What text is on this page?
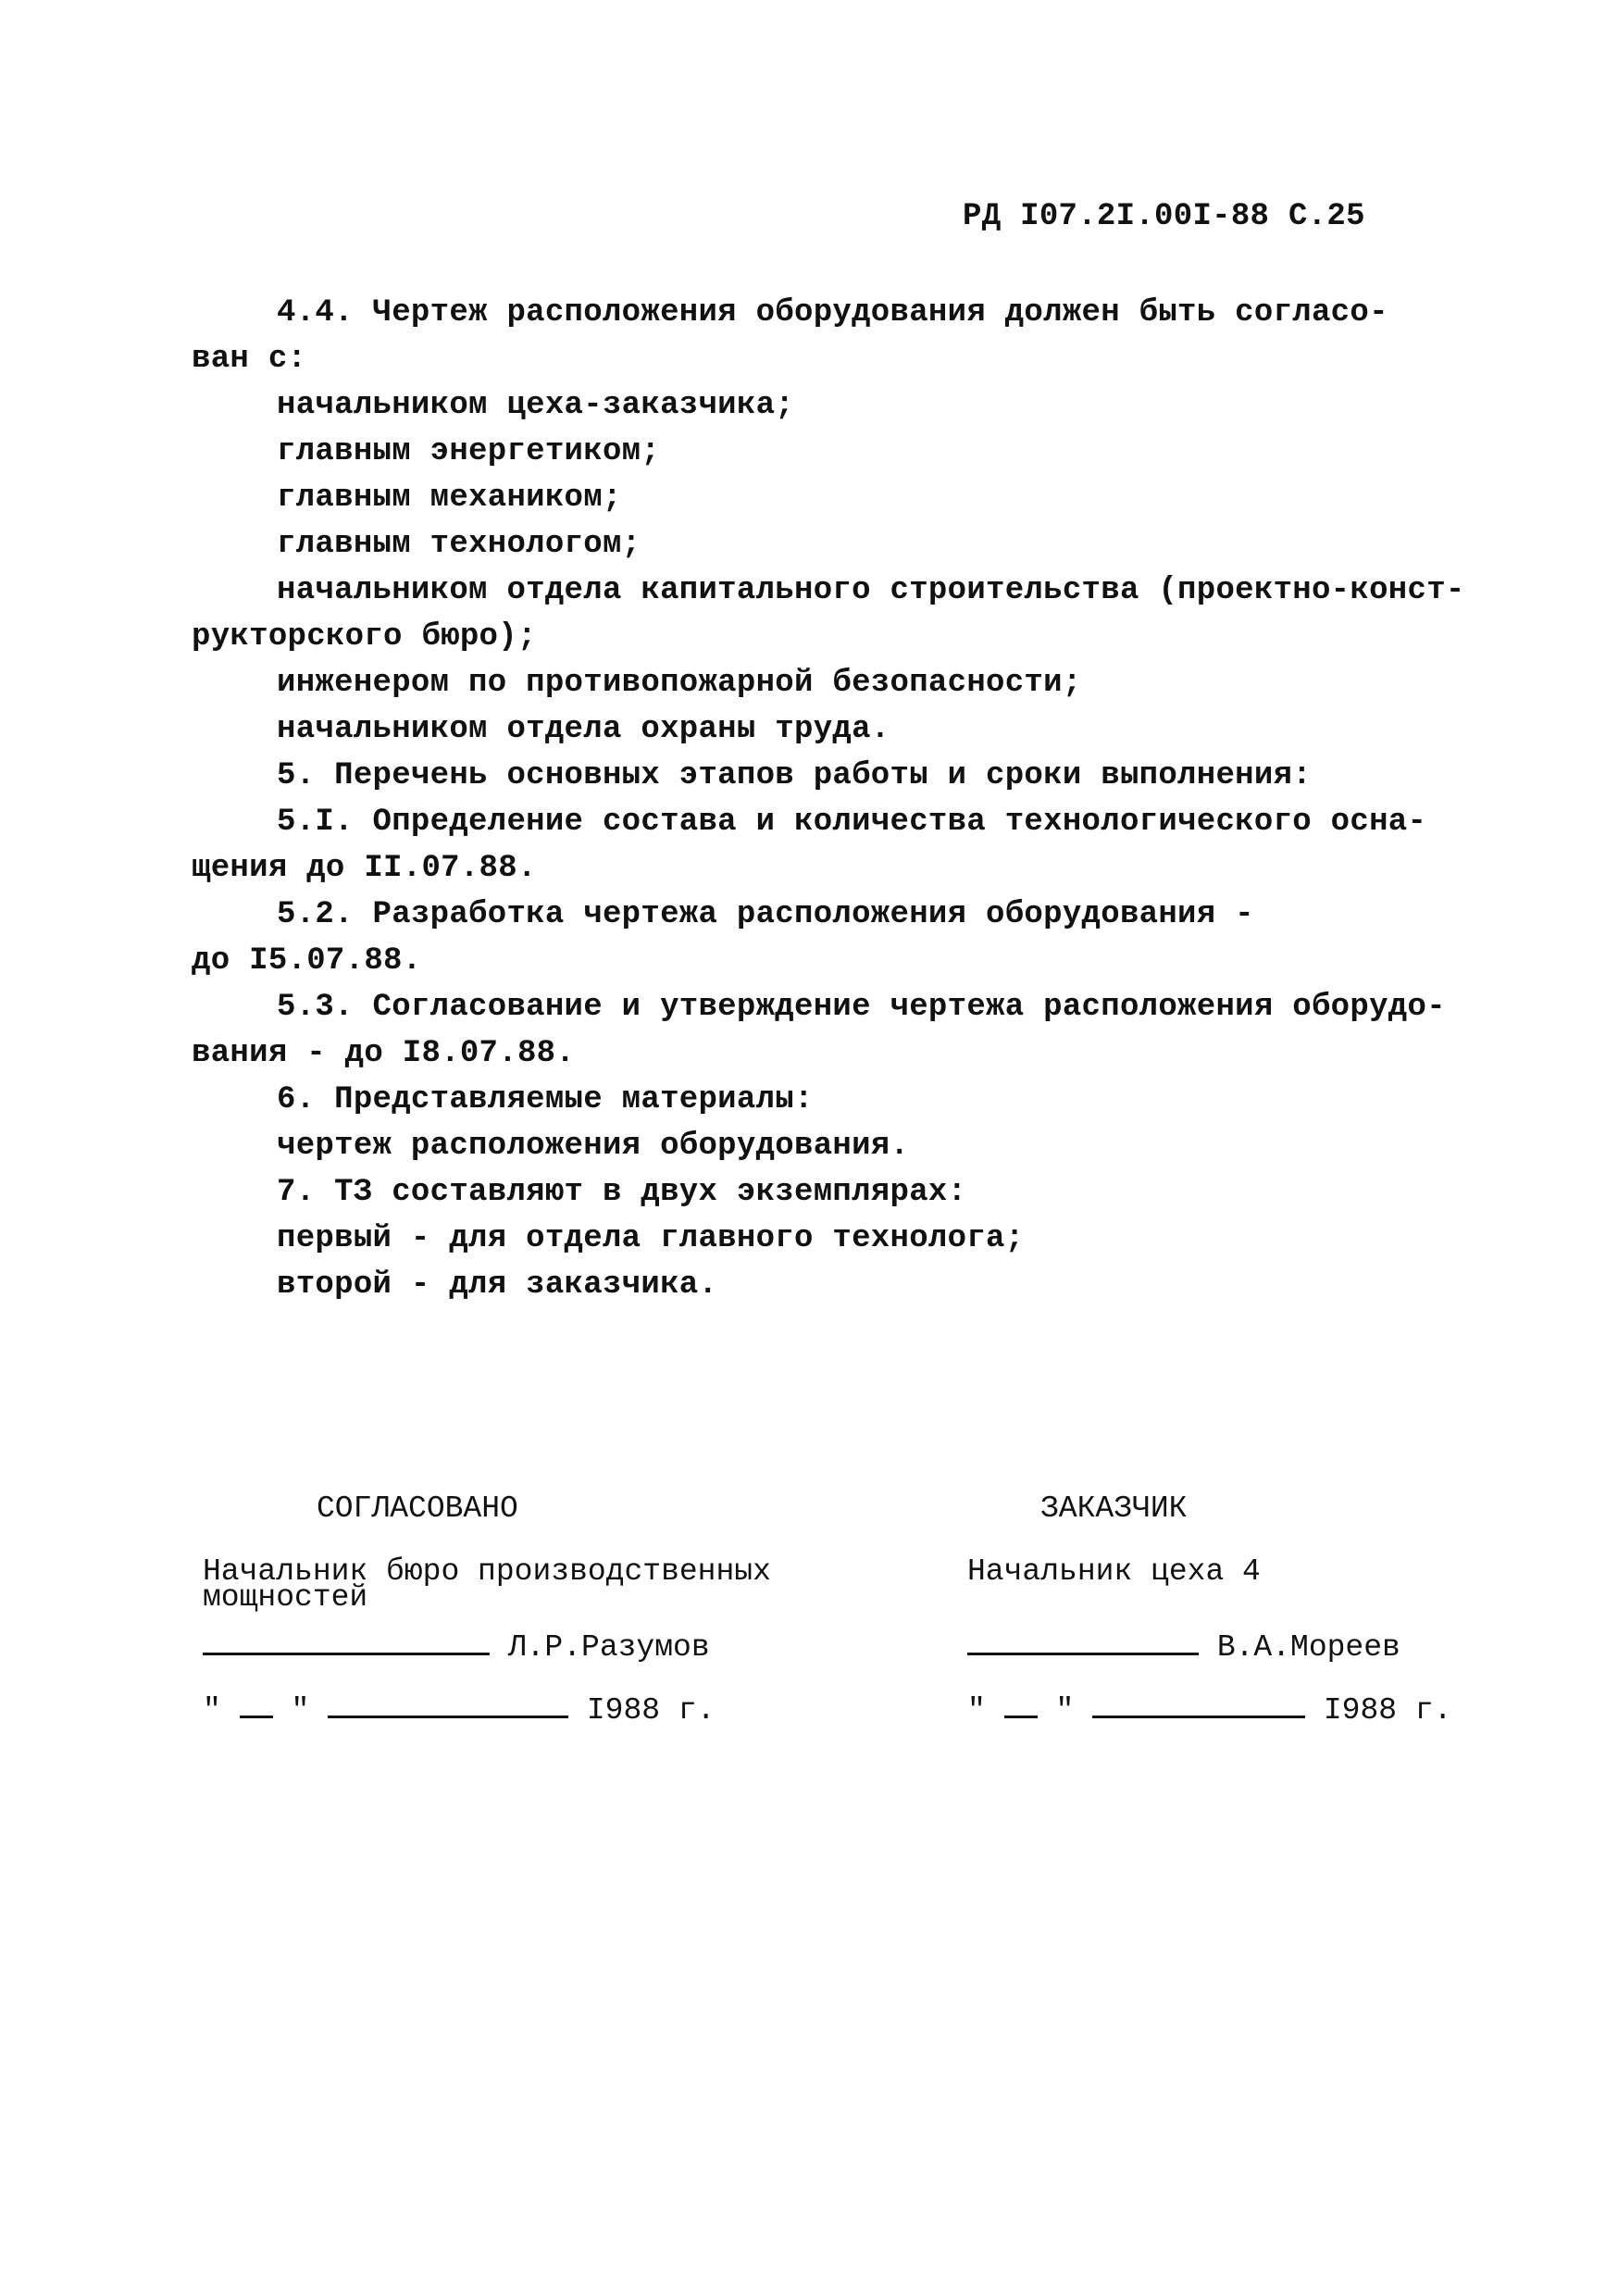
РД I07.2I.00I-88 С.25
4.4. Чертеж расположения оборудования должен быть согласо-
ван с:
начальником цеха-заказчика;
главным энергетиком;
главным механиком;
главным технологом;
начальником отдела капитального строительства (проектно-конст-
рукторского бюро);
инженером по противопожарной безопасности;
начальником отдела охраны труда.
5. Перечень основных этапов работы и сроки выполнения:
5.I. Определение состава и количества технологического осна-
щения до II.07.88.
5.2. Разработка чертежа расположения оборудования -
до I5.07.88.
5.3. Согласование и утверждение чертежа расположения оборудо-
вания - до I8.07.88.
6. Представляемые материалы:
чертеж расположения оборудования.
7. ТЗ составляют в двух экземплярах:
первый - для отдела главного технолога;
второй - для заказчика.
СОГЛАСОВАНО
Начальник бюро производственных
мощностей
Л.Р.Разумов
" "	I988 г.
ЗАКАЗЧИК
Начальник цеха 4
В.А.Мореев
" "	I988 г.
